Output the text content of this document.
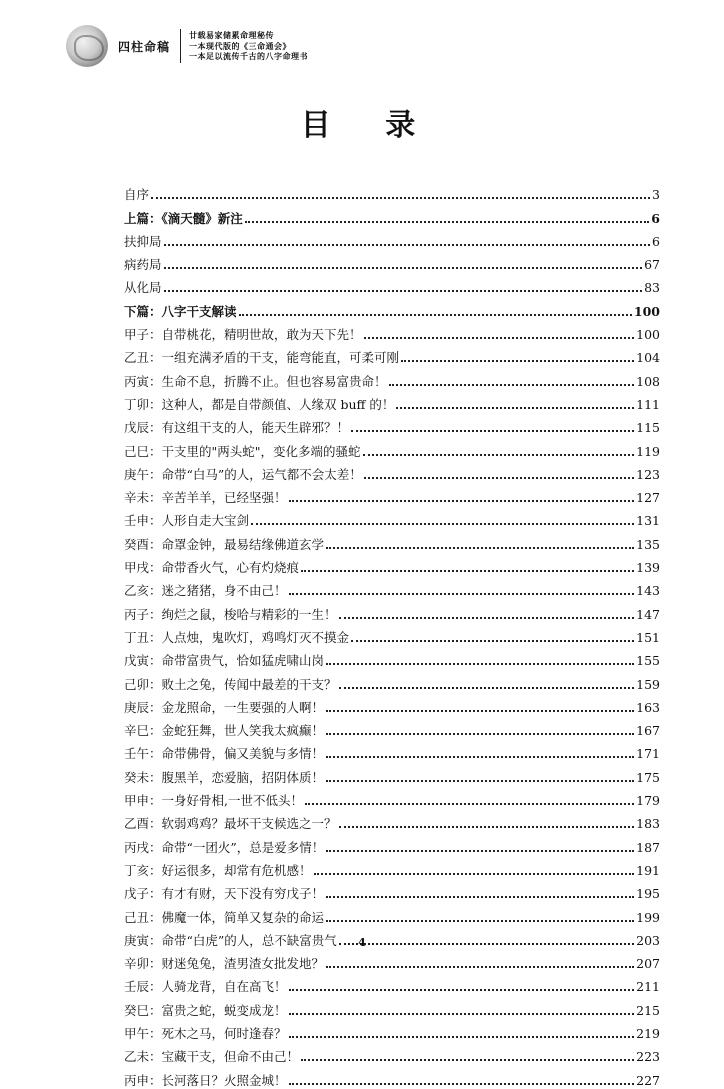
四柱命稿
廿载易家储累命理秘传
一本现代版的《三命通会》
一本足以流传千古的八字命理书
目 录
自序	3
上篇：《滴天髓》新注	6
扶抑局	6
病药局	67
从化局	83
下篇：八字干支解读	100
甲子：自带桃花，精明世故，敢为天下先！	100
乙丑：一组充满矛盾的干支，能弯能直，可柔可刚	104
丙寅：生命不息，折腾不止。但也容易富贵命！	108
丁卯：这种人，都是自带颜值、人缘双 buff 的！	111
戊辰：有这组干支的人，能天生辟邪？！	115
己巳：干支里的"两头蛇"，变化多端的骚蛇	119
庚午：命带“白马”的人，运气都不会太差！	123
辛未：辛苦羊羊，已经坚强！	127
壬申：人形自走大宝剑	131
癸酉：命罩金钟，最易结缘佛道玄学	135
甲戌：命带香火气，心有灼烧痕	139
乙亥：迷之猪猪，身不由己！	143
丙子：绚烂之鼠，梭哈与精彩的一生！	147
丁丑：人点烛，鬼吹灯，鸡鸣灯灭不摸金	151
戊寅：命带富贵气，恰如猛虎啸山岗	155
己卯：败土之兔，传闻中最差的干支？	159
庚辰：金龙照命，一生要强的人啊！	163
辛巳：金蛇狂舞，世人笑我太疯癫！	167
壬午：命带佛骨，偏又美貌与多情！	171
癸未：腹黑羊，恋爱脑，招阴体质！	175
甲申：一身好骨相,一世不低头！	179
乙酉：软弱鸡鸡？最坏干支候选之一？	183
丙戌：命带“一团火”，总是爱多情！	187
丁亥：好运很多，却常有危机感！	191
戊子：有才有财，天下没有穷戊子！	195
己丑：佛魔一体，简单又复杂的命运	199
庚寅：命带“白虎”的人，总不缺富贵气	203
辛卯：财迷兔兔，渣男渣女批发地？	207
壬辰：人骑龙背，自在高飞！	211
癸巳：富贵之蛇，蜕变成龙！	215
甲午：死木之马，何时逢春？	219
乙未：宝藏干支，但命不由己！	223
丙申：长河落日？火照金城！	227
4
